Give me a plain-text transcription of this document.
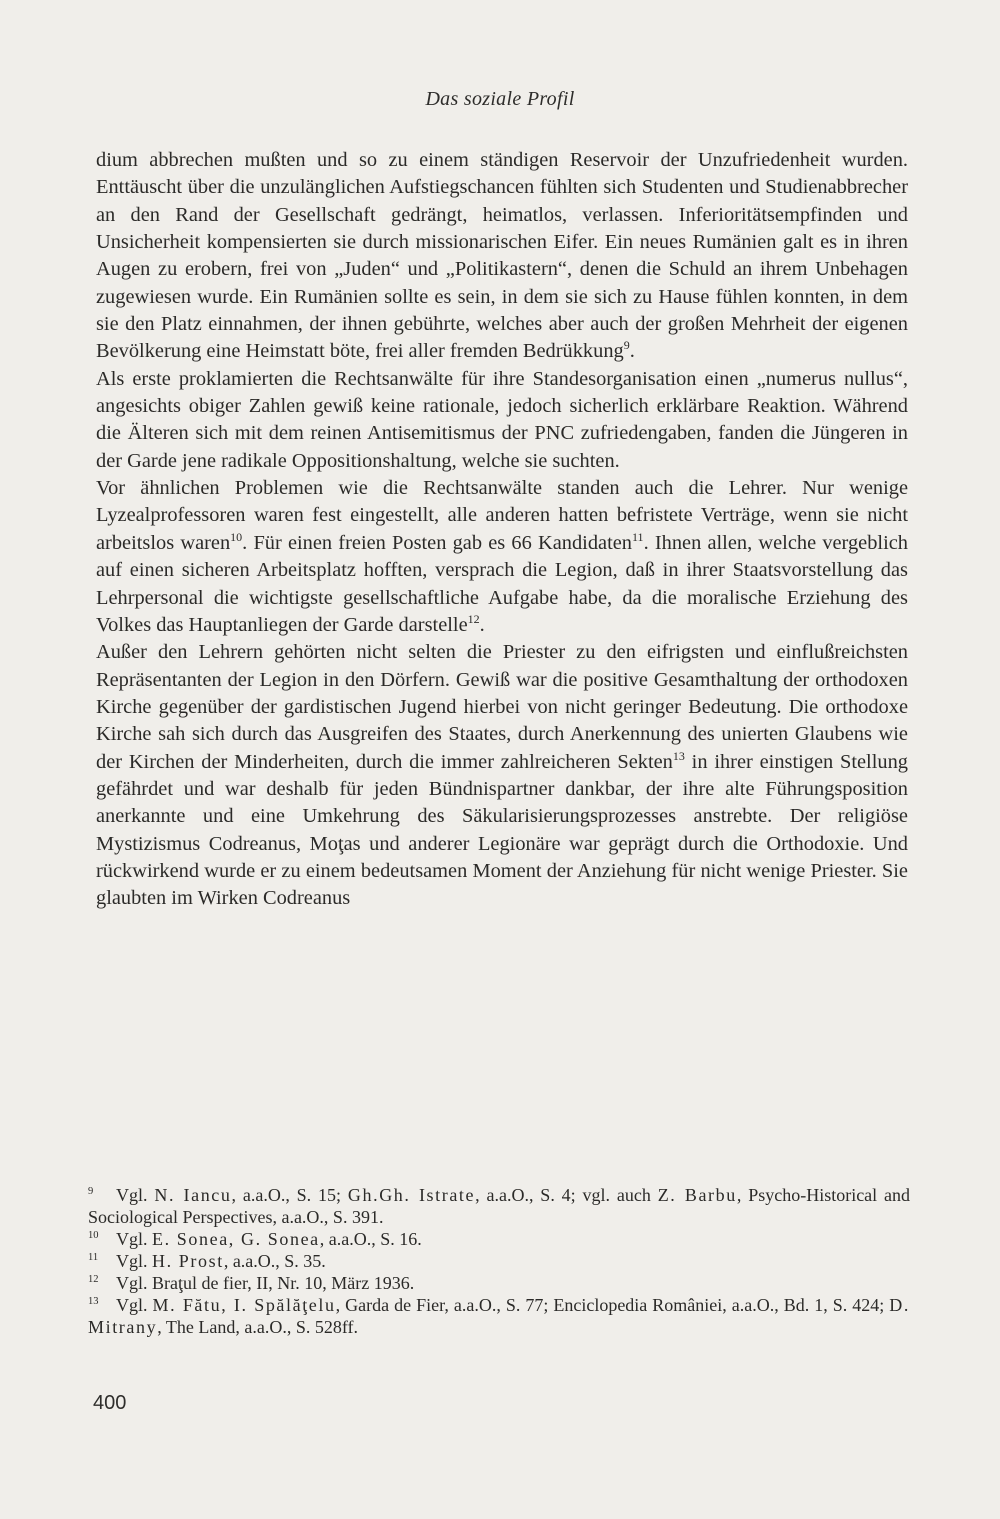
Das soziale Profil

dium abbrechen mußten und so zu einem ständigen Reservoir der Unzufriedenheit wurden. Enttäuscht über die unzulänglichen Aufstiegschancen fühlten sich Studenten und Studienabbrecher an den Rand der Gesellschaft gedrängt, heimatlos, verlassen. Inferioritätsempfinden und Unsicherheit kompensierten sie durch missionarischen Eifer. Ein neues Rumänien galt es in ihren Augen zu erobern, frei von „Juden“ und „Politikastern“, denen die Schuld an ihrem Unbehagen zugewiesen wurde. Ein Rumänien sollte es sein, in dem sie sich zu Hause fühlen konnten, in dem sie den Platz einnahmen, der ihnen gebührte, welches aber auch der großen Mehrheit der eigenen Bevölkerung eine Heimstatt böte, frei aller fremden Bedrükkung$^9$.

Als erste proklamierten die Rechtsanwälte für ihre Standesorganisation einen „numerus nullus“, angesichts obiger Zahlen gewiß keine rationale, jedoch sicherlich erklärbare Reaktion. Während die Älteren sich mit dem reinen Antisemitismus der PNC zufriedengaben, fanden die Jüngeren in der Garde jene radikale Oppositionshaltung, welche sie suchten.

Vor ähnlichen Problemen wie die Rechtsanwälte standen auch die Lehrer. Nur wenige Lyzealprofessoren waren fest eingestellt, alle anderen hatten befristete Verträge, wenn sie nicht arbeitslos waren$^{10}$. Für einen freien Posten gab es 66 Kandidaten$^{11}$. Ihnen allen, welche vergeblich auf einen sicheren Arbeitsplatz hofften, versprach die Legion, daß in ihrer Staatsvorstellung das Lehrpersonal die wichtigste gesellschaftliche Aufgabe habe, da die moralische Erziehung des Volkes das Hauptanliegen der Garde darstelle$^{12}$.

Außer den Lehrern gehörten nicht selten die Priester zu den eifrigsten und einflußreichsten Repräsentanten der Legion in den Dörfern. Gewiß war die positive Gesamthaltung der orthodoxen Kirche gegenüber der gardistischen Jugend hierbei von nicht geringer Bedeutung. Die orthodoxe Kirche sah sich durch das Ausgreifen des Staates, durch Anerkennung des unierten Glaubens wie der Kirchen der Minderheiten, durch die immer zahlreicheren Sekten$^{13}$ in ihrer einstigen Stellung gefährdet und war deshalb für jeden Bündnispartner dankbar, der ihre alte Führungsposition anerkannte und eine Umkehrung des Säkularisierungsprozesses anstrebte. Der religiöse Mystizismus Codreanus, Moţas und anderer Legionäre war geprägt durch die Orthodoxie. Und rückwirkend wurde er zu einem bedeutsamen Moment der Anziehung für nicht wenige Priester. Sie glaubten im Wirken Codreanus

9 Vgl. N. Iancu, a.a.O., S. 15; Gh.Gh. Istrate, a.a.O., S. 4; vgl. auch Z. Barbu, Psycho-Historical and Sociological Perspectives, a.a.O., S. 391.

10 Vgl. E. Sonea, G. Sonea, a.a.O., S. 16.

11 Vgl. H. Prost, a.a.O., S. 35.

12 Vgl. Braţul de fier, II, Nr. 10, März 1936.

13 Vgl. M. Fătu, I. Spălăţelu, Garda de Fier, a.a.O., S. 77; Enciclopedia României, a.a.O., Bd. 1, S. 424; D. Mitrany, The Land, a.a.O., S. 528ff.

400
